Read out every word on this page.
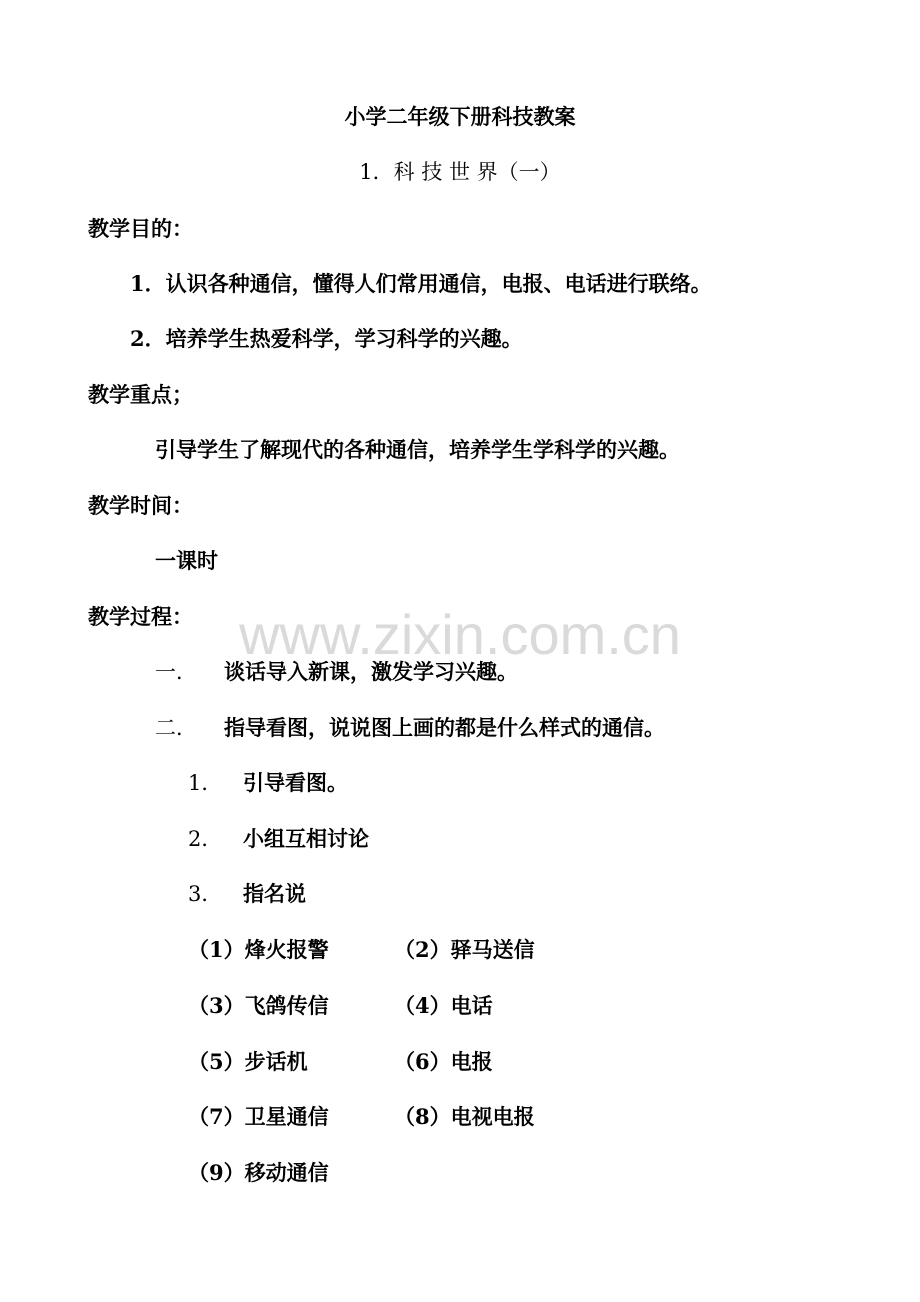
www.zixin.com.cn
小学二年级下册科技教案
1．科 技 世 界（一）
教学目的：
1．认识各种通信，懂得人们常用通信，电报、电话进行联络。
2．培养学生热爱科学，学习科学的兴趣。
教学重点；
引导学生了解现代的各种通信，培养学生学科学的兴趣。
教学时间：
一课时
教学过程：
一． 谈话导入新课，激发学习兴趣。
二． 指导看图，说说图上画的都是什么样式的通信。
1． 引导看图。
2． 小组互相讨论
3． 指名说
（1）烽火报警	（2）驿马送信
（3）飞鸽传信	（4）电话
（5）步话机	（6）电报
（7）卫星通信	（8）电视电报
（9）移动通信
